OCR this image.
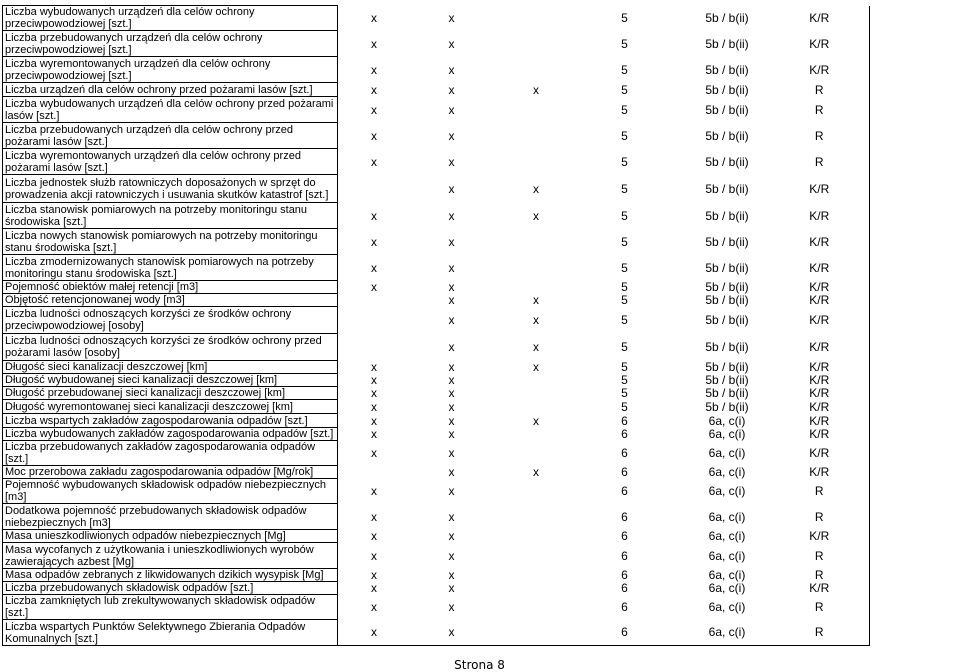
Liczba wybudowanych urządzeń dla celów ochrony przeciwpowodziowej [szt.]		x	x		5	5b / b(ii)	K/R
Liczba przebudowanych urządzeń dla celów ochrony przeciwpowodziowej [szt.]		x	x		5	5b / b(ii)	K/R
Liczba wyremontowanych urządzeń dla celów ochrony przeciwpowodziowej [szt.]		x	x		5	5b / b(ii)	K/R
Liczba urządzeń dla celów ochrony przed pożarami lasów [szt.]		x	x	x	5	5b / b(ii)	R
Liczba wybudowanych urządzeń dla celów ochrony przed pożarami lasów [szt.]		x	x		5	5b / b(ii)	R
Liczba przebudowanych urządzeń dla celów ochrony przed pożarami lasów [szt.]		x	x		5	5b / b(ii)	R
Liczba wyremontowanych urządzeń dla celów ochrony przed pożarami lasów [szt.]		x	x		5	5b / b(ii)	R
Liczba jednostek służb ratowniczych doposażonych w sprzęt do prowadzenia akcji ratowniczych i usuwania skutków katastrof [szt.]			x	x	5	5b / b(ii)	K/R
Liczba stanowisk pomiarowych na potrzeby monitoringu stanu środowiska [szt.]		x	x	x	5	5b / b(ii)	K/R
Liczba nowych stanowisk pomiarowych na potrzeby monitoringu stanu środowiska [szt.]		x	x		5	5b / b(ii)	K/R
Liczba zmodernizowanych stanowisk pomiarowych na potrzeby monitoringu stanu środowiska [szt.]		x	x		5	5b / b(ii)	K/R
Pojemność obiektów małej retencji [m3]		x	x		5	5b / b(ii)	K/R
Objętość retencjonowanej wody [m3]			x	x	5	5b / b(ii)	K/R
Liczba ludności odnoszących korzyści ze środków ochrony przeciwpowodziowej [osoby]			x	x	5	5b / b(ii)	K/R
Liczba ludności odnoszących korzyści ze środków ochrony przed pożarami lasów [osoby]			x	x	5	5b / b(ii)	K/R
Długość sieci kanalizacji deszczowej [km]		x	x	x	5	5b / b(ii)	K/R
Długość wybudowanej sieci kanalizacji deszczowej [km]		x	x		5	5b / b(ii)	K/R
Długość przebudowanej sieci kanalizacji deszczowej [km]		x	x		5	5b / b(ii)	K/R
Długość wyremontowanej sieci kanalizacji deszczowej [km]		x	x		5	5b / b(ii)	K/R
Liczba wspartych zakładów zagospodarowania odpadów [szt.]		x	x	x	6	6a, c(i)	K/R
Liczba wybudowanych zakładów zagospodarowania odpadów [szt.]		x	x		6	6a, c(i)	K/R
Liczba przebudowanych zakładów zagospodarowania odpadów [szt.]		x	x		6	6a, c(i)	K/R
Moc przerobowa zakładu zagospodarowania odpadów [Mg/rok]			x	x	6	6a, c(i)	K/R
Pojemność wybudowanych składowisk odpadów niebezpiecznych [m3]		x	x		6	6a, c(i)	R
Dodatkowa pojemność przebudowanych składowisk odpadów niebezpiecznych [m3]		x	x		6	6a, c(i)	R
Masa unieszkodliwionych odpadów niebezpiecznych [Mg]		x	x		6	6a, c(i)	K/R
Masa wycofanych z użytkowania i unieszkodliwionych wyrobów zawierających azbest [Mg]		x	x		6	6a, c(i)	R
Masa odpadów zebranych z likwidowanych dzikich wysypisk [Mg]		x	x		6	6a, c(i)	R
Liczba przebudowanych składowisk odpadów [szt.]		x	x		6	6a, c(i)	K/R
Liczba zamkniętych lub zrekultywowanych składowisk odpadów [szt.]		x	x		6	6a, c(i)	R
Liczba wspartych Punktów Selektywnego Zbierania Odpadów Komunalnych [szt.]		x	x		6	6a, c(i)	R
Strona 8
